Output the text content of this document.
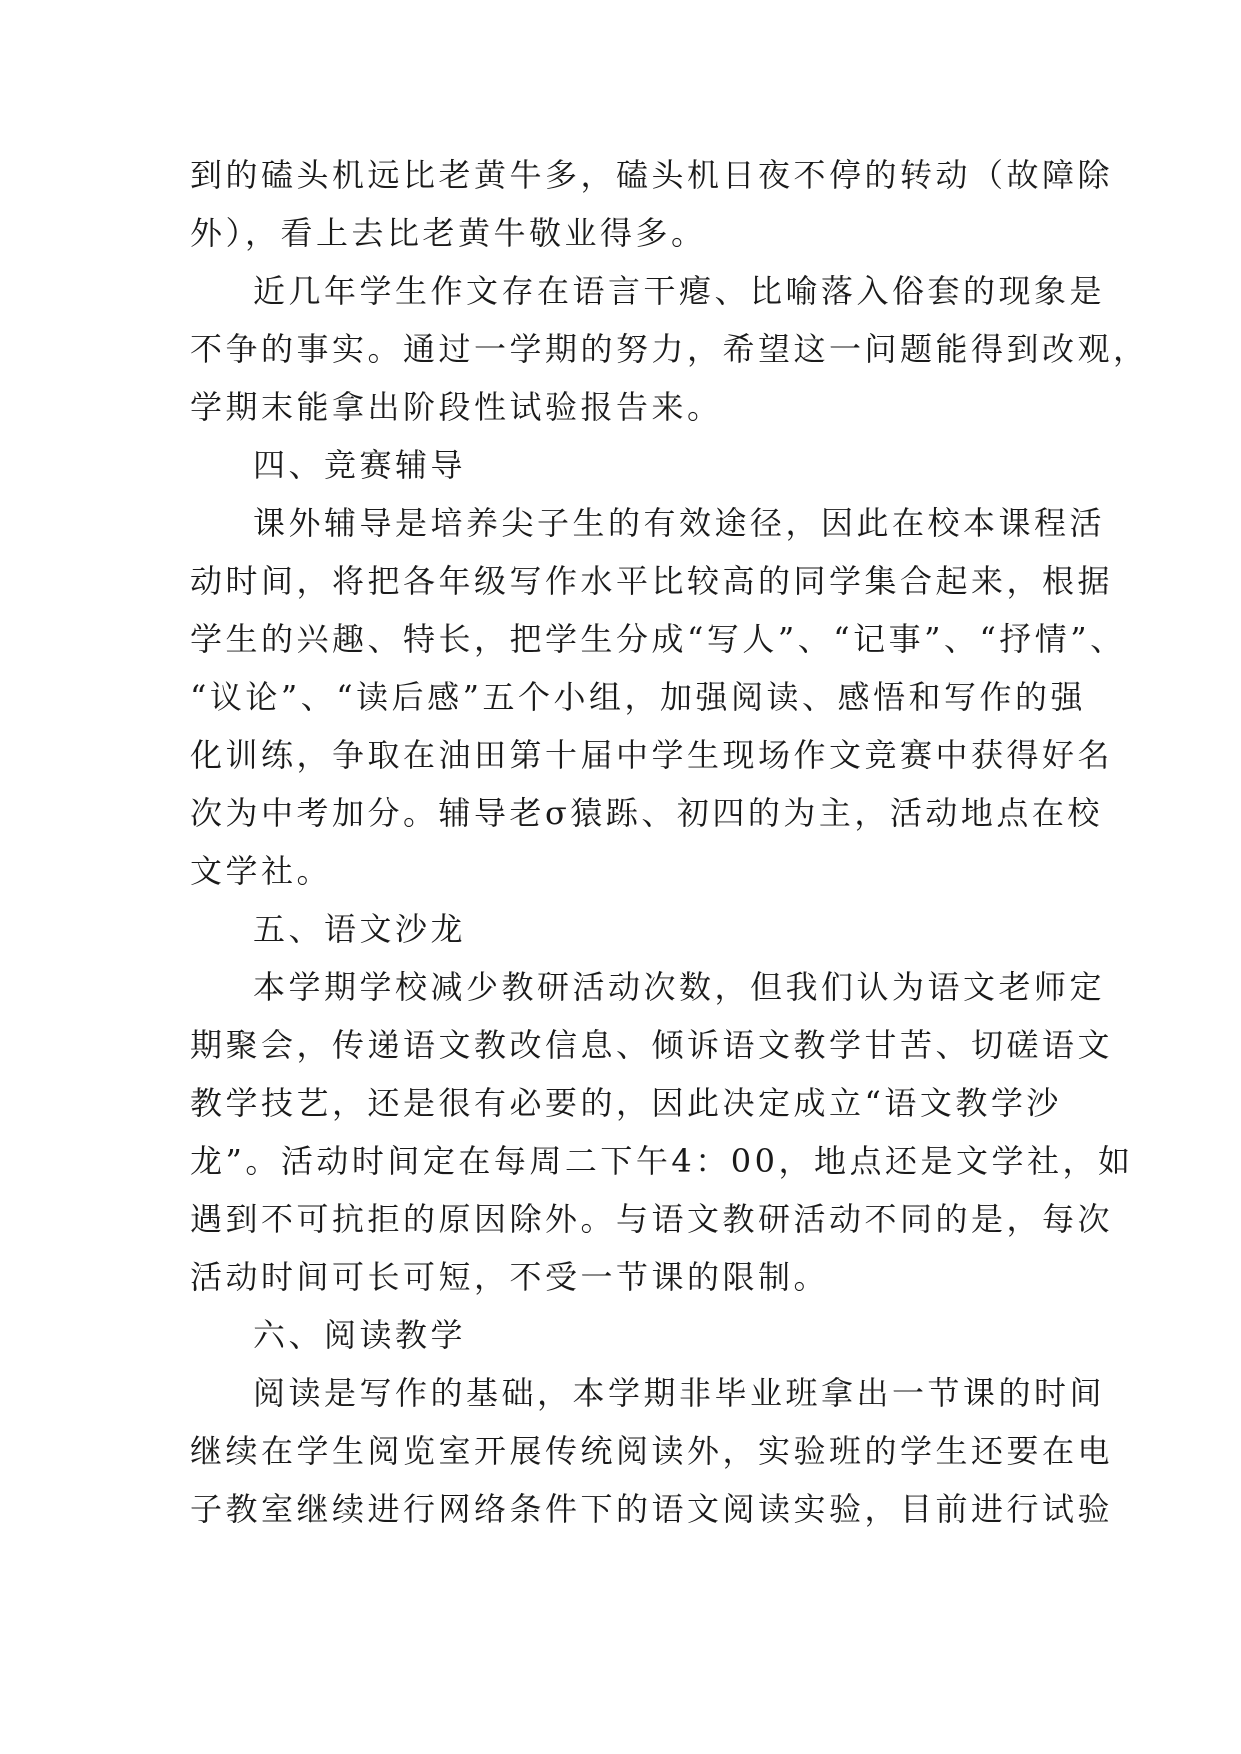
到的磕头机远比老黄牛多，磕头机日夜不停的转动（故障除
外），看上去比老黄牛敬业得多。
近几年学生作文存在语言干瘪、比喻落入俗套的现象是
不争的事实。通过一学期的努力，希望这一问题能得到改观，
学期末能拿出阶段性试验报告来。
四、竞赛辅导
课外辅导是培养尖子生的有效途径，因此在校本课程活
动时间，将把各年级写作水平比较高的同学集合起来，根据
学生的兴趣、特长，把学生分成“写人”、“记事”、“抒情”、
“议论”、“读后感”五个小组，加强阅读、感悟和写作的强
化训练，争取在油田第十届中学生现场作文竞赛中获得好名
次为中考加分。辅导老σ猿跞、初四的为主，活动地点在校
文学社。
五、语文沙龙
本学期学校减少教研活动次数，但我们认为语文老师定
期聚会，传递语文教改信息、倾诉语文教学甘苦、切磋语文
教学技艺，还是很有必要的，因此决定成立“语文教学沙
龙”。活动时间定在每周二下午4：00，地点还是文学社，如
遇到不可抗拒的原因除外。与语文教研活动不同的是，每次
活动时间可长可短，不受一节课的限制。
六、阅读教学
阅读是写作的基础，本学期非毕业班拿出一节课的时间
继续在学生阅览室开展传统阅读外，实验班的学生还要在电
子教室继续进行网络条件下的语文阅读实验，目前进行试验
